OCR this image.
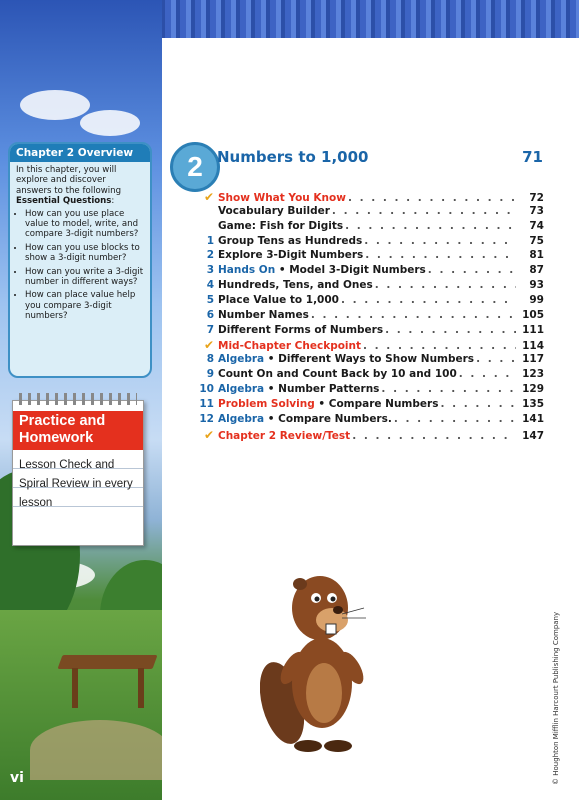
Chapter 2 Overview
In this chapter, you will explore and discover answers to the following Essential Questions:
• How can you use place value to model, write, and compare 3-digit numbers?
• How can you use blocks to show a 3-digit number?
• How can you write a 3-digit number in different ways?
• How can place value help you compare 3-digit numbers?
Practice and Homework
Lesson Check and Spiral Review in every lesson
vi
2 Numbers to 1,000	71
✔ Show What You Know . . .	72
Vocabulary Builder . . .	73
Game: Fish for Digits . . .	74
1 Group Tens as Hundreds . . .	75
2 Explore 3-Digit Numbers . . .	81
3 Hands On • Model 3-Digit Numbers . . .	87
4 Hundreds, Tens, and Ones . . .	93
5 Place Value to 1,000 . . .	99
6 Number Names . . .	105
7 Different Forms of Numbers . . .	111
✔ Mid-Chapter Checkpoint . . .	114
8 Algebra • Different Ways to Show Numbers . . .	117
9 Count On and Count Back by 10 and 100 . . .	123
10 Algebra • Number Patterns . . .	129
11 Problem Solving • Compare Numbers . . .	135
12 Algebra • Compare Numbers. . . .	141
✔ Chapter 2 Review/Test . . .	147
© Houghton Mifflin Harcourt Publishing Company
